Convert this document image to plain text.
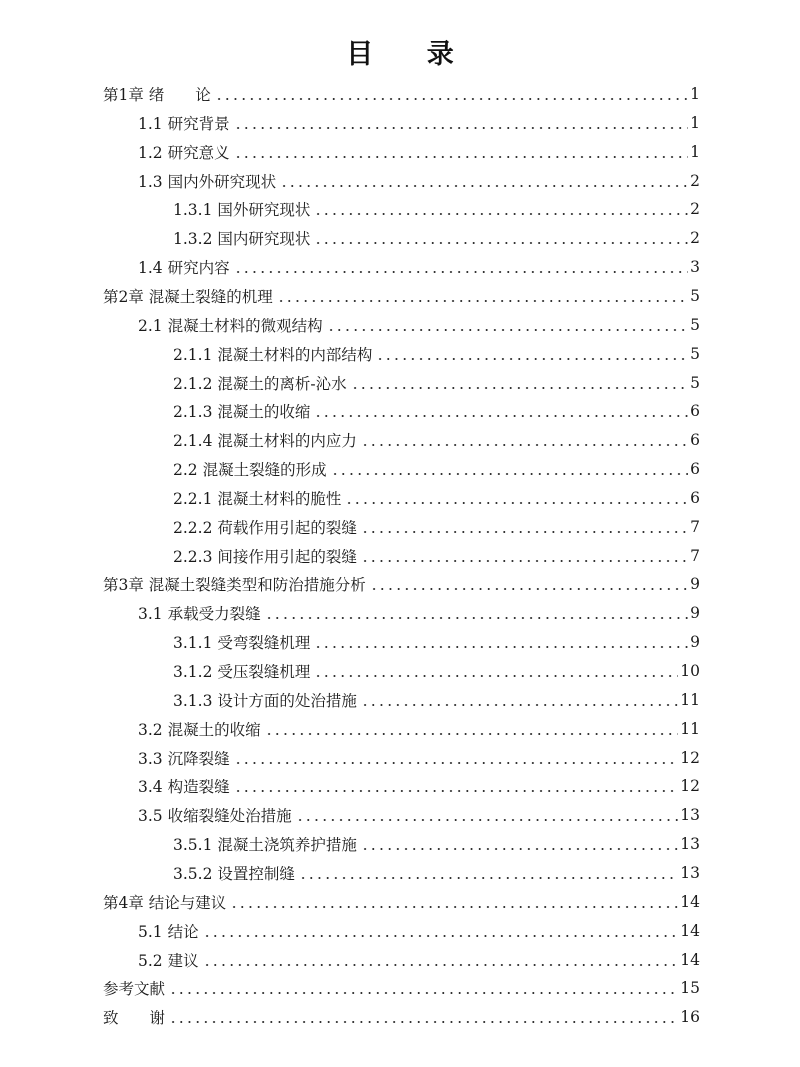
目 录
第1章 绪　　论	1
1.1 研究背景	1
1.2 研究意义	1
1.3 国内外研究现状	2
1.3.1 国外研究现状	2
1.3.2 国内研究现状	2
1.4 研究内容	3
第2章 混凝土裂缝的机理	5
2.1 混凝土材料的微观结构	5
2.1.1 混凝土材料的内部结构	5
2.1.2 混凝土的离析-沁水	5
2.1.3 混凝土的收缩	6
2.1.4 混凝土材料的内应力	6
2.2 混凝土裂缝的形成	6
2.2.1 混凝土材料的脆性	6
2.2.2 荷载作用引起的裂缝	7
2.2.3 间接作用引起的裂缝	7
第3章 混凝土裂缝类型和防治措施分析	9
3.1 承载受力裂缝	9
3.1.1 受弯裂缝机理	9
3.1.2 受压裂缝机理	10
3.1.3 设计方面的处治措施	11
3.2 混凝土的收缩	11
3.3 沉降裂缝	12
3.4 构造裂缝	12
3.5 收缩裂缝处治措施	13
3.5.1 混凝土浇筑养护措施	13
3.5.2 设置控制缝	13
第4章 结论与建议	14
5.1 结论	14
5.2 建议	14
参考文献	15
致　　谢	16
